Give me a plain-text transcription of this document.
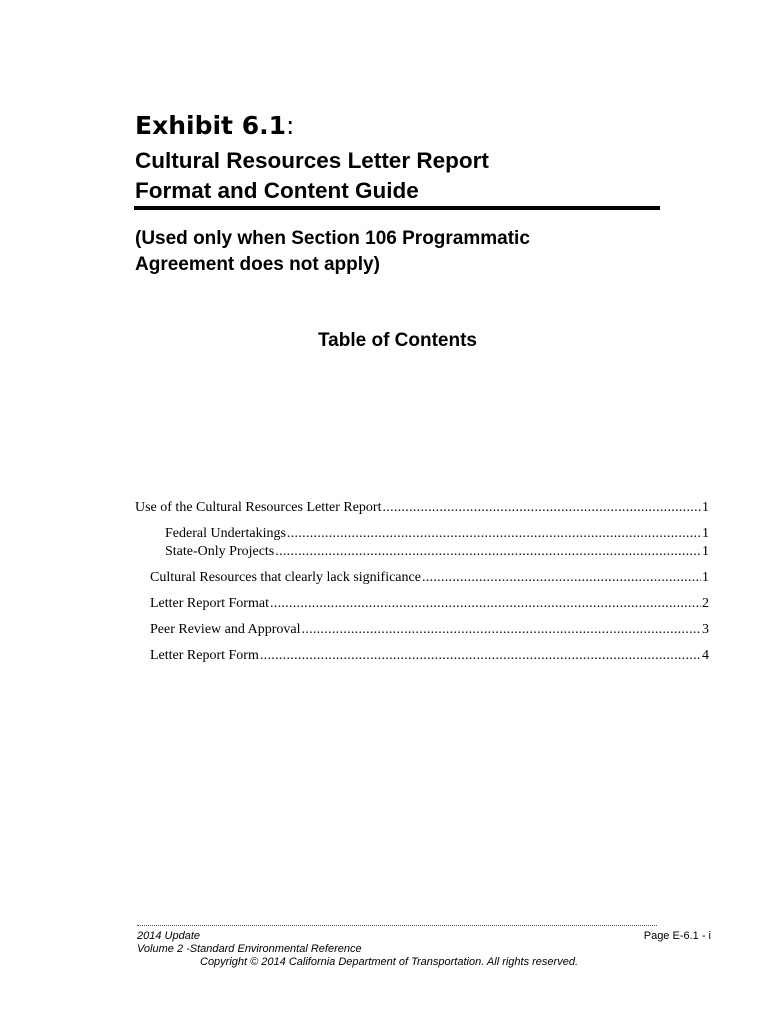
Exhibit 6.1:
Cultural Resources Letter Report
Format and Content Guide
(Used only when Section 106 Programmatic
Agreement does not apply)
Table of Contents
Use of the Cultural Resources Letter Report .....	1
Federal Undertakings .....	1
State-Only Projects .....	1
Cultural Resources that clearly lack significance .....	1
Letter Report Format .....	2
Peer Review and Approval .....	3
Letter Report Form .....	4
2014 Update
Volume 2 -Standard Environmental Reference
Copyright © 2014 California Department of Transportation. All rights reserved.
Page E-6.1 - i
